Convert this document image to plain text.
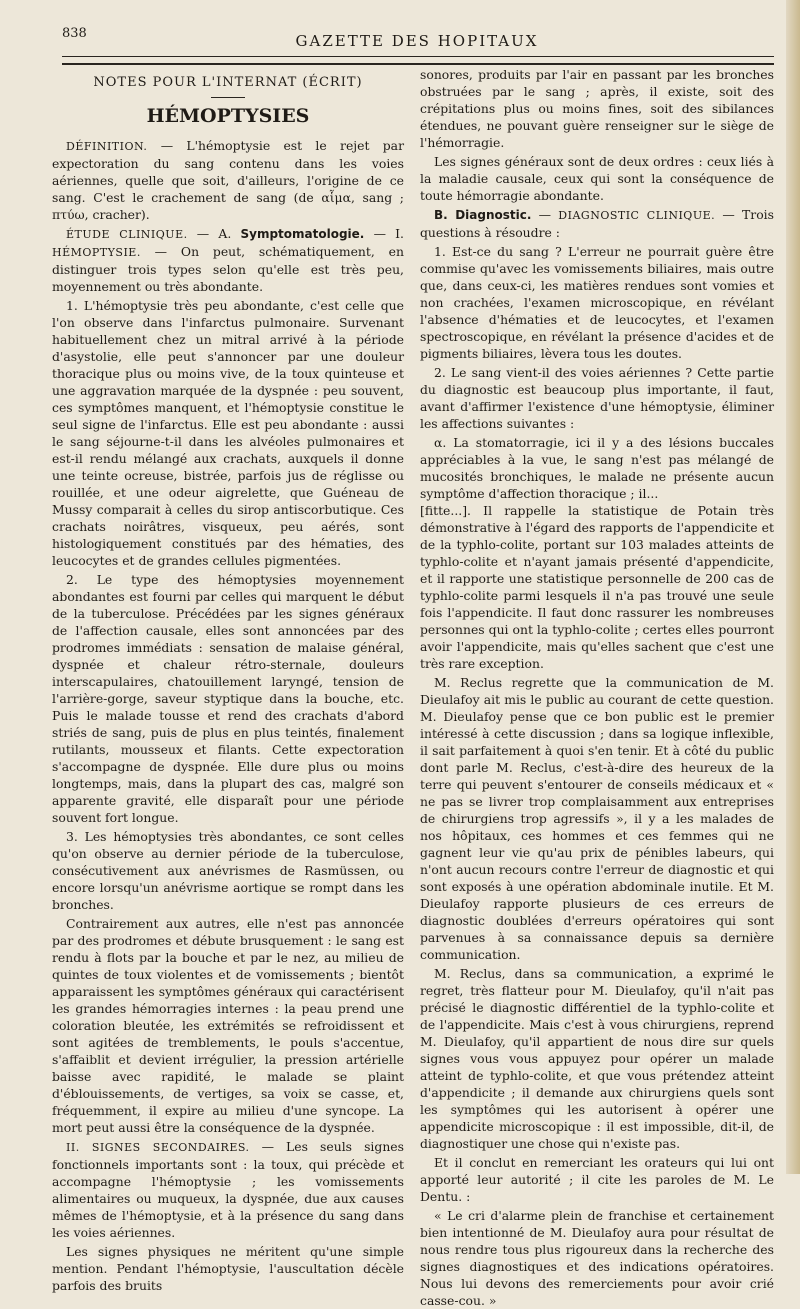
838	GAZETTE DES HOPITAUX
NOTES POUR L'INTERNAT (ÉCRIT)
HÉMOPTYSIES

DÉFINITION. — L'hémoptysie est le rejet par expectoration du sang contenu dans les voies aériennes, quelle que soit, d'ailleurs, l'origine de ce sang. C'est le crachement de sang (de αἷμα, sang ; πτύω, cracher).

ÉTUDE CLINIQUE. — A. Symptomatologie. — I. HÉMOPTYSIE. — On peut, schématiquement, en distinguer trois types selon qu'elle est très peu, moyennement ou très abondante.

1. L'hémoptysie très peu abondante, c'est celle que l'on observe dans l'infarctus pulmonaire. Survenant habituellement chez un mitral arrivé à la période d'asystolie, elle peut s'annoncer par une douleur thoracique plus ou moins vive, de la toux quinteuse et une aggravation marquée de la dyspnée : peu souvent, ces symptômes manquent, et l'hémoptysie constitue le seul signe de l'infarctus. Elle est peu abondante : aussi le sang séjourne-t-il dans les alvéoles pulmonaires et est-il rendu mélangé aux crachats, auxquels il donne une teinte ocreuse, bistrée, parfois jus de réglisse ou rouillée, et une odeur aigrelette, que Guéneau de Mussy comparait à celles du sirop antiscorbutique. Ces crachats noirâtres, visqueux, peu aérés, sont histologiquement constitués par des hématies, des leucocytes et de grandes cellules pigmentées.

2. Le type des hémoptysies moyennement abondantes est fourni par celles qui marquent le début de la tuberculose. Précédées par les signes généraux de l'affection causale, elles sont annoncées par des prodromes immédiats : sensation de malaise général, dyspnée et chaleur rétro-sternale, douleurs interscapulaires, chatouillement laryngé, tension de l'arrière-gorge, saveur styptique dans la bouche, etc. Puis le malade tousse et rend des crachats d'abord striés de sang, puis de plus en plus teintés, finalement rutilants, mousseux et filants. Cette expectoration s'accompagne de dyspnée. Elle dure plus ou moins longtemps, mais, dans la plupart des cas, malgré son apparente gravité, elle disparaît pour une période souvent fort longue.

3. Les hémoptysies très abondantes, ce sont celles qu'on observe au dernier période de la tuberculose, consécutivement aux anévrismes de Rasmüssen, ou encore lorsqu'un anévrisme aortique se rompt dans les bronches.

Contrairement aux autres, elle n'est pas annoncée par des prodromes et débute brusquement : le sang est rendu à flots par la bouche et par le nez, au milieu de quintes de toux violentes et de vomissements ; bientôt apparaissent les symptômes généraux qui caractérisent les grandes hémorragies internes : la peau prend une coloration bleutée, les extrémités se refroidissent et sont agitées de tremblements, le pouls s'accentue, s'affaiblit et devient irrégulier, la pression artérielle baisse avec rapidité, le malade se plaint d'éblouissements, de vertiges, sa voix se casse, et, fréquemment, il expire au milieu d'une syncope. La mort peut aussi être la conséquence de la dyspnée.

II. SIGNES SECONDAIRES. — Les seuls signes fonctionnels importants sont : la toux, qui précède et accompagne l'hémoptysie ; les vomissements alimentaires ou muqueux, la dyspnée, due aux causes mêmes de l'hémoptysie, et à la présence du sang dans les voies aériennes.

Les signes physiques ne méritent qu'une simple mention. Pendant l'hémoptysie, l'auscultation décèle parfois des bruits

sonores, produits par l'air en passant par les bronches obstruées par le sang ; après, il existe, soit des crépitations plus ou moins fines, soit des sibilances étendues, ne pouvant guère renseigner sur le siège de l'hémorragie.

Les signes généraux sont de deux ordres : ceux liés à la maladie causale, ceux qui sont la conséquence de toute hémorragie abondante.

B. Diagnostic. — DIAGNOSTIC CLINIQUE. — Trois questions à résoudre :

1. Est-ce du sang ? L'erreur ne pourrait guère être commise qu'avec les vomissements biliaires, mais outre que, dans ceux-ci, les matières rendues sont vomies et non crachées, l'examen microscopique, en révélant l'absence d'hématies et de leucocytes, et l'examen spectroscopique, en révélant la présence d'acides et de pigments biliaires, lèvera tous les doutes.

2. Le sang vient-il des voies aériennes ? Cette partie du diagnostic est beaucoup plus importante, il faut, avant d'affirmer l'existence d'une hémoptysie, éliminer les affections suivantes :

α. La stomatorragie, ici il y a des lésions buccales appréciables à la vue, le sang n'est pas mélangé de mucosités bronchiques, le malade ne présente aucun symptôme d'affection thoracique ; il...

[fitte...]. Il rappelle la statistique de Potain très démonstrative à l'égard des rapports de l'appendicite et de la typhlo-colite, portant sur 103 malades atteints de typhlo-colite et n'ayant jamais présenté d'appendicite, et il rapporte une statistique personnelle de 200 cas de typhlo-colite parmi lesquels il n'a pas trouvé une seule fois l'appendicite. Il faut donc rassurer les nombreuses personnes qui ont la typhlo-colite ; certes elles pourront avoir l'appendicite, mais qu'elles sachent que c'est une très rare exception.

M. Reclus regrette que la communication de M. Dieulafoy ait mis le public au courant de cette question. M. Dieulafoy pense que ce bon public est le premier intéressé à cette discussion ; dans sa logique inflexible, il sait parfaitement à quoi s'en tenir. Et à côté du public dont parle M. Reclus, c'est-à-dire des heureux de la terre qui peuvent s'entourer de conseils médicaux et « ne pas se livrer trop complaisamment aux entreprises de chirurgiens trop agressifs », il y a les malades de nos hôpitaux, ces hommes et ces femmes qui ne gagnent leur vie qu'au prix de pénibles labeurs, qui n'ont aucun recours contre l'erreur de diagnostic et qui sont exposés à une opération abdominale inutile. Et M. Dieulafoy rapporte plusieurs de ces erreurs de diagnostic doublées d'erreurs opératoires qui sont parvenues à sa connaissance depuis sa dernière communication.

M. Reclus, dans sa communication, a exprimé le regret, très flatteur pour M. Dieulafoy, qu'il n'ait pas précisé le diagnostic différentiel de la typhlo-colite et de l'appendicite. Mais c'est à vous chirurgiens, reprend M. Dieulafoy, qu'il appartient de nous dire sur quels signes vous vous appuyez pour opérer un malade atteint de typhlo-colite, et que vous prétendez atteint d'appendicite ; il demande aux chirurgiens quels sont les symptômes qui les autorisent à opérer une appendicite microscopique : il est impossible, dit-il, de diagnostiquer une chose qui n'existe pas.

Et il conclut en remerciant les orateurs qui lui ont apporté leur autorité ; il cite les paroles de M. Le Dentu. :

« Le cri d'alarme plein de franchise et certainement bien intentionné de M. Dieulafoy aura pour résultat de nous rendre tous plus rigoureux dans la recherche des signes diagnostiques et des indications opératoires. Nous lui devons des remerciements pour avoir crié casse-cou. »
